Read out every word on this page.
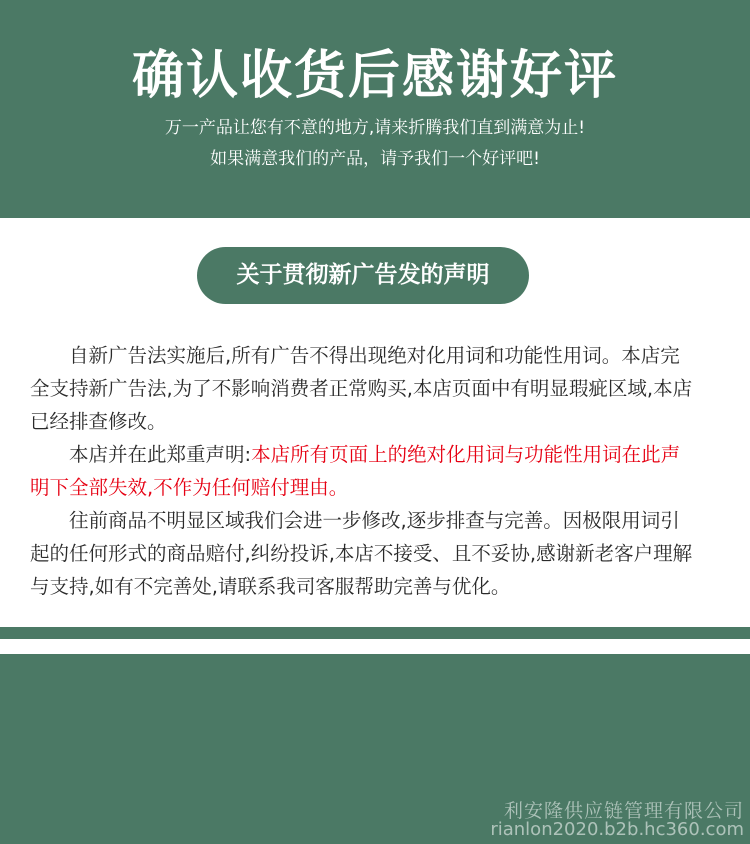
确认收货后感谢好评
万一产品让您有不意的地方,请来折腾我们直到满意为止!
如果满意我们的产品，请予我们一个好评吧!
关于贯彻新广告发的声明

自新广告法实施后,所有广告不得出现绝对化用词和功能性用词。本店完全支持新广告法,为了不影响消费者正常购买,本店页面中有明显瑕疵区域,本店已经排查修改。

本店并在此郑重声明:本店所有页面上的绝对化用词与功能性用词在此声明下全部失效,不作为任何赔付理由。

往前商品不明显区域我们会进一步修改,逐步排查与完善。因极限用词引起的任何形式的商品赔付,纠纷投诉,本店不接受、且不妥协,感谢新老客户理解与支持,如有不完善处,请联系我司客服帮助完善与优化。

利安隆供应链管理有限公司
rianlon2020.b2b.hc360.com
